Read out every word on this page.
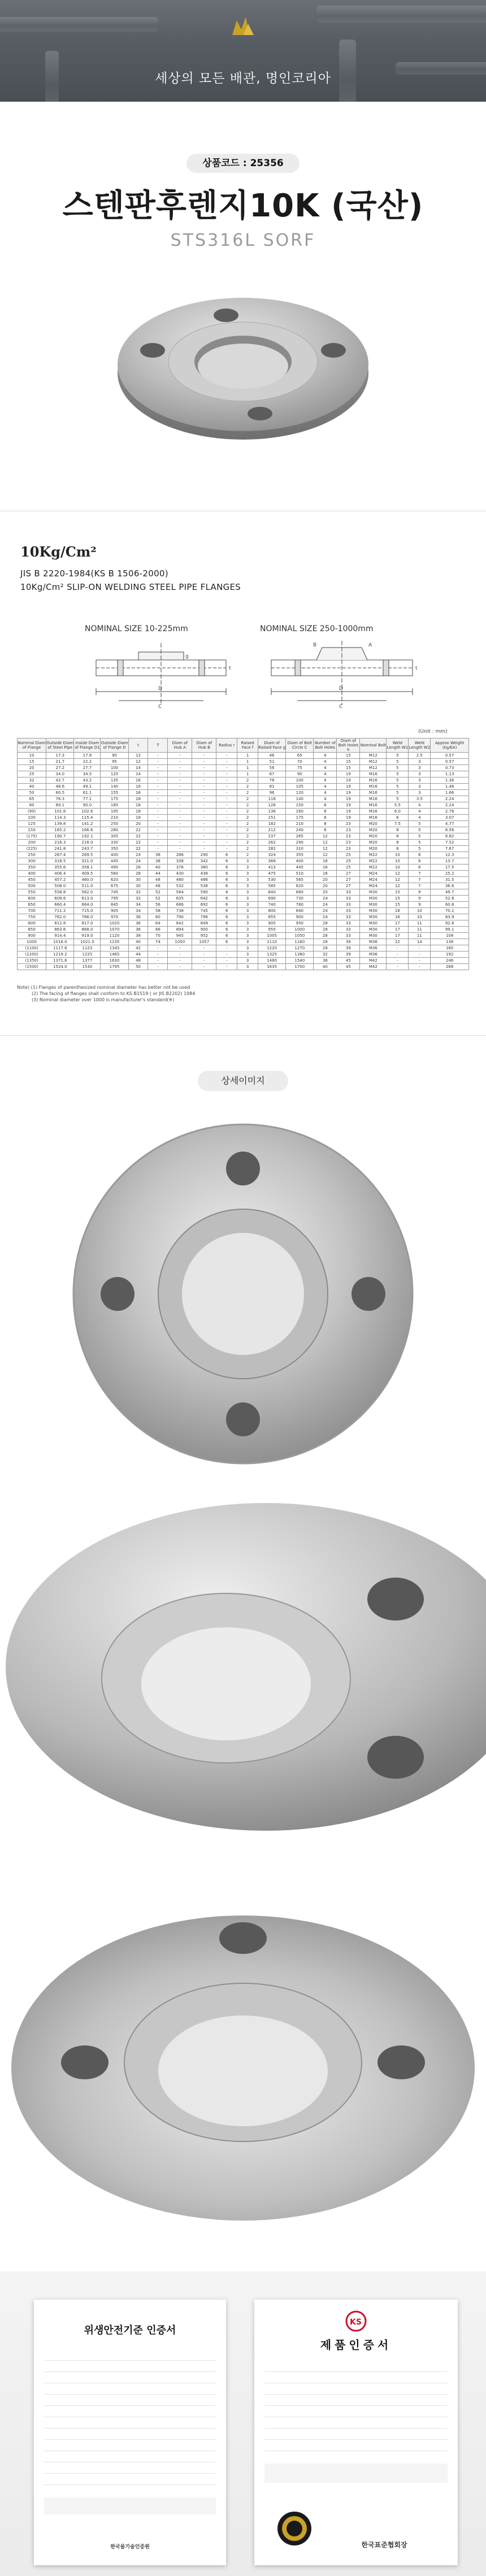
세상의 모든 배관, 명인코리아
상품코드 : 25356
스텐판후렌지10K (국산)
STS316L SORF
10Kg/Cm²
JIS B 2220-1984(KS B 1506-2000)
10Kg/Cm² SLIP-ON WELDING STEEL PIPE FLANGES
NOMINAL SIZE 10-225mm	NOMINAL SIZE 250-1000mm
D
C
t
g
D
C
t
A
B
(Unit : mm)
Nominal Diam of Flange	Outside Diam of Steel Pipe	Inside Diam of Flange D1	Outside Diam of Flange D	t	T	Diam of Hub A	Diam of Hub B	Radius r	Raised Face f	Diam of Raised Face g	Diam of Bolt Circle C	Number of Bolt Holes	Diam of Bolt Holes h	Nominal Bolt	Weld Length W1	Weld Length W2	Approx Weight (kg/EA)
10	17.3	17.8	90	12	-	-	-	-	1	46	65	4	15	M12	5	2.5	0.57
15	21.7	22.2	95	12	-	-	-	-	1	51	70	4	15	M12	5	3	0.57
20	27.2	27.7	100	14	-	-	-	-	1	56	75	4	15	M12	5	3	0.73
25	34.0	34.5	125	14	-	-	-	-	1	67	90	4	19	M16	5	3	1.13
32	42.7	43.2	135	16	-	-	-	-	2	76	100	4	19	M16	5	3	1.36
40	48.6	49.1	140	16	-	-	-	-	2	81	105	4	19	M16	5	3	1.46
50	60.5	61.1	155	16	-	-	-	-	2	96	120	4	19	M16	5	3	1.66
65	76.3	77.1	175	18	-	-	-	-	2	116	140	4	19	M16	5	3.5	2.24
80	89.1	90.0	185	18	-	-	-	-	2	126	150	8	19	M16	5.5	4	2.24
(90)	101.6	102.6	195	18	-	-	-	-	2	136	160	8	19	M16	6.0	4	2.76
100	114.3	115.4	210	18	-	-	-	-	2	151	175	8	19	M16	6	4	3.07
125	139.8	141.2	250	20	-	-	-	-	2	182	210	8	23	M20	7.5	5	4.77
150	165.2	166.6	280	22	-	-	-	-	2	212	240	8	23	M20	8	5	6.56
(175)	190.7	192.1	305	22	-	-	-	-	2	237	265	12	23	M20	8	5	6.82
200	216.3	218.0	330	22	-	-	-	-	2	262	290	12	23	M20	8	5	7.52
(225)	241.8	243.7	350	22	-	-	-	-	2	282	310	12	23	M20	8	5	7.67
250	267.4	269.5	400	24	36	286	290	6	2	324	355	12	25	M22	10	6	12.3
300	318.5	321.0	445	24	38	338	342	6	3	368	400	16	25	M22	10	6	13.7
350	355.6	358.1	490	26	40	376	380	6	3	413	445	16	25	M22	10	6	17.5
400	406.4	409.5	560	28	44	430	436	6	3	475	510	16	27	M24	12	7	25.2
450	457.2	460.0	620	30	48	480	486	6	3	530	565	20	27	M24	12	7	31.5
500	508.0	511.0	675	30	48	532	538	6	3	585	620	20	27	M24	12	7	36.6
550	558.8	562.0	745	32	52	584	590	6	3	640	680	20	33	M30	15	9	49.7
600	609.6	613.0	795	32	52	635	642	6	3	690	730	24	33	M30	15	9	52.8
650	660.4	664.0	845	34	56	686	692	6	3	740	780	24	33	M30	15	9	60.8
700	711.2	715.0	905	34	58	738	745	6	3	800	840	24	33	M30	16	10	70.1
750	762.0	766.0	970	36	60	790	796	6	3	855	900	24	33	M30	16	10	83.9
800	812.8	817.0	1020	36	64	842	849	6	3	905	950	28	33	M30	17	11	92.6
850	863.6	868.0	1070	36	66	894	900	6	3	955	1000	28	33	M30	17	11	99.1
900	914.4	919.0	1120	38	70	945	952	6	3	1005	1050	28	33	M30	17	11	108
1000	1016.0	1021.0	1235	40	74	1050	1057	6	3	1110	1160	28	39	M36	22	14	138
(1100)	1117.6	1123	1345	42	-	-	-	-	3	1220	1270	28	39	M36	-	-	160
(1200)	1219.2	1225	1465	44	-	-	-	-	3	1325	1380	32	39	M36	-	-	192
(1350)	1371.6	1377	1630	48	-	-	-	-	3	1480	1540	36	45	M42	-	-	246
(1500)	1524.0	1530	1795	50	-	-	-	-	3	1635	1700	40	45	M42	-	-	288
Note) (1) Flanges of parenthesized nominal diameter has better not be used
(2) The facing of flanges shall conform to KS B1519 ( or JIS B2202) 1984
(3) Nominal diameter over 1000 is manufacturer's standard(※)
상세이미지
위생안전기준 인증서
한국물기술인증원
KS
제품인증서
한국표준협회장
